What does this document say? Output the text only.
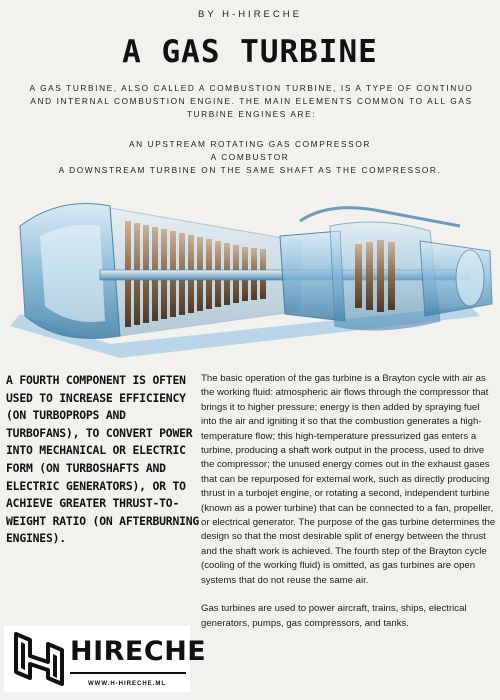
BY H-HIRECHE
A GAS TURBINE
A GAS TURBINE, ALSO CALLED A COMBUSTION TURBINE, IS A TYPE OF CONTINUO
AND INTERNAL COMBUSTION ENGINE. THE MAIN ELEMENTS COMMON TO ALL GAS
TURBINE ENGINES ARE:
AN UPSTREAM ROTATING GAS COMPRESSOR
A COMBUSTOR
A DOWNSTREAM TURBINE ON THE SAME SHAFT AS THE COMPRESSOR.
A FOURTH COMPONENT IS OFTEN USED TO INCREASE EFFICIENCY (ON TURBOPROPS AND TURBOFANS), TO CONVERT POWER INTO MECHANICAL OR ELECTRIC FORM (ON TURBOSHAFTS AND ELECTRIC GENERATORS), OR TO ACHIEVE GREATER THRUST-TO-WEIGHT RATIO (ON AFTERBURNING ENGINES).

The basic operation of the gas turbine is a Brayton cycle with air as the working fluid: atmospheric air flows through the compressor that brings it to higher pressure; energy is then added by spraying fuel into the air and igniting it so that the combustion generates a high-temperature flow; this high-temperature pressurized gas enters a turbine, producing a shaft work output in the process, used to drive the compressor; the unused energy comes out in the exhaust gases that can be repurposed for external work, such as directly producing thrust in a turbojet engine, or rotating a second, independent turbine (known as a power turbine) that can be connected to a fan, propeller, or electrical generator. The purpose of the gas turbine determines the design so that the most desirable split of energy between the thrust and the shaft work is achieved. The fourth step of the Brayton cycle (cooling of the working fluid) is omitted, as gas turbines are open systems that do not reuse the same air.

Gas turbines are used to power aircraft, trains, ships, electrical generators, pumps, gas compressors, and tanks.

HIRECHE
WWW.H-HIRECHE.ML
